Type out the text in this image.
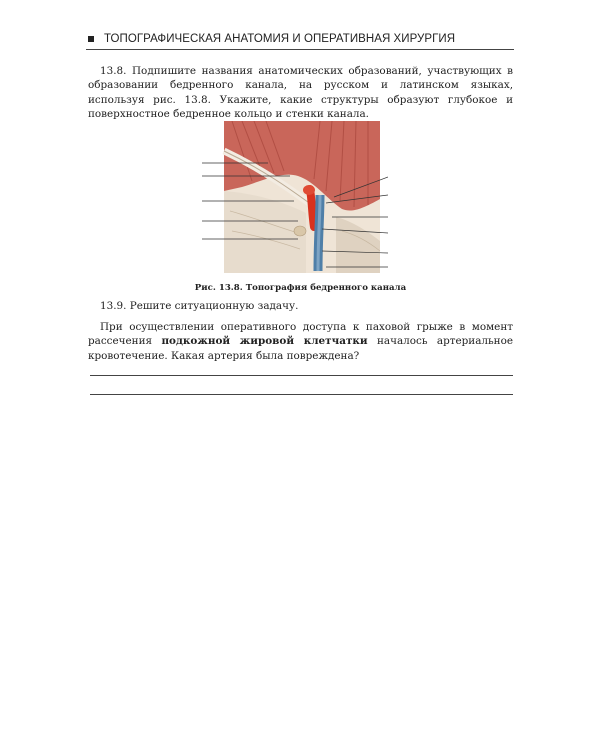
ТОПОГРАФИЧЕСКАЯ АНАТОМИЯ И ОПЕРАТИВНАЯ ХИРУРГИЯ

13.8. Подпишите названия анатомических образований, участвующих в образовании бедренного канала, на русском и латинском языках, используя рис. 13.8. Укажите, какие структуры образуют глубокое и поверхностное бедренное кольцо и стенки канала.

Рис. 13.8. Топография бедренного канала

13.9. Решите ситуационную задачу.

При осуществлении оперативного доступа к паховой грыже в момент рассечения подкожной жировой клетчатки началось артериальное кровотечение. Какая артерия была повреждена?
